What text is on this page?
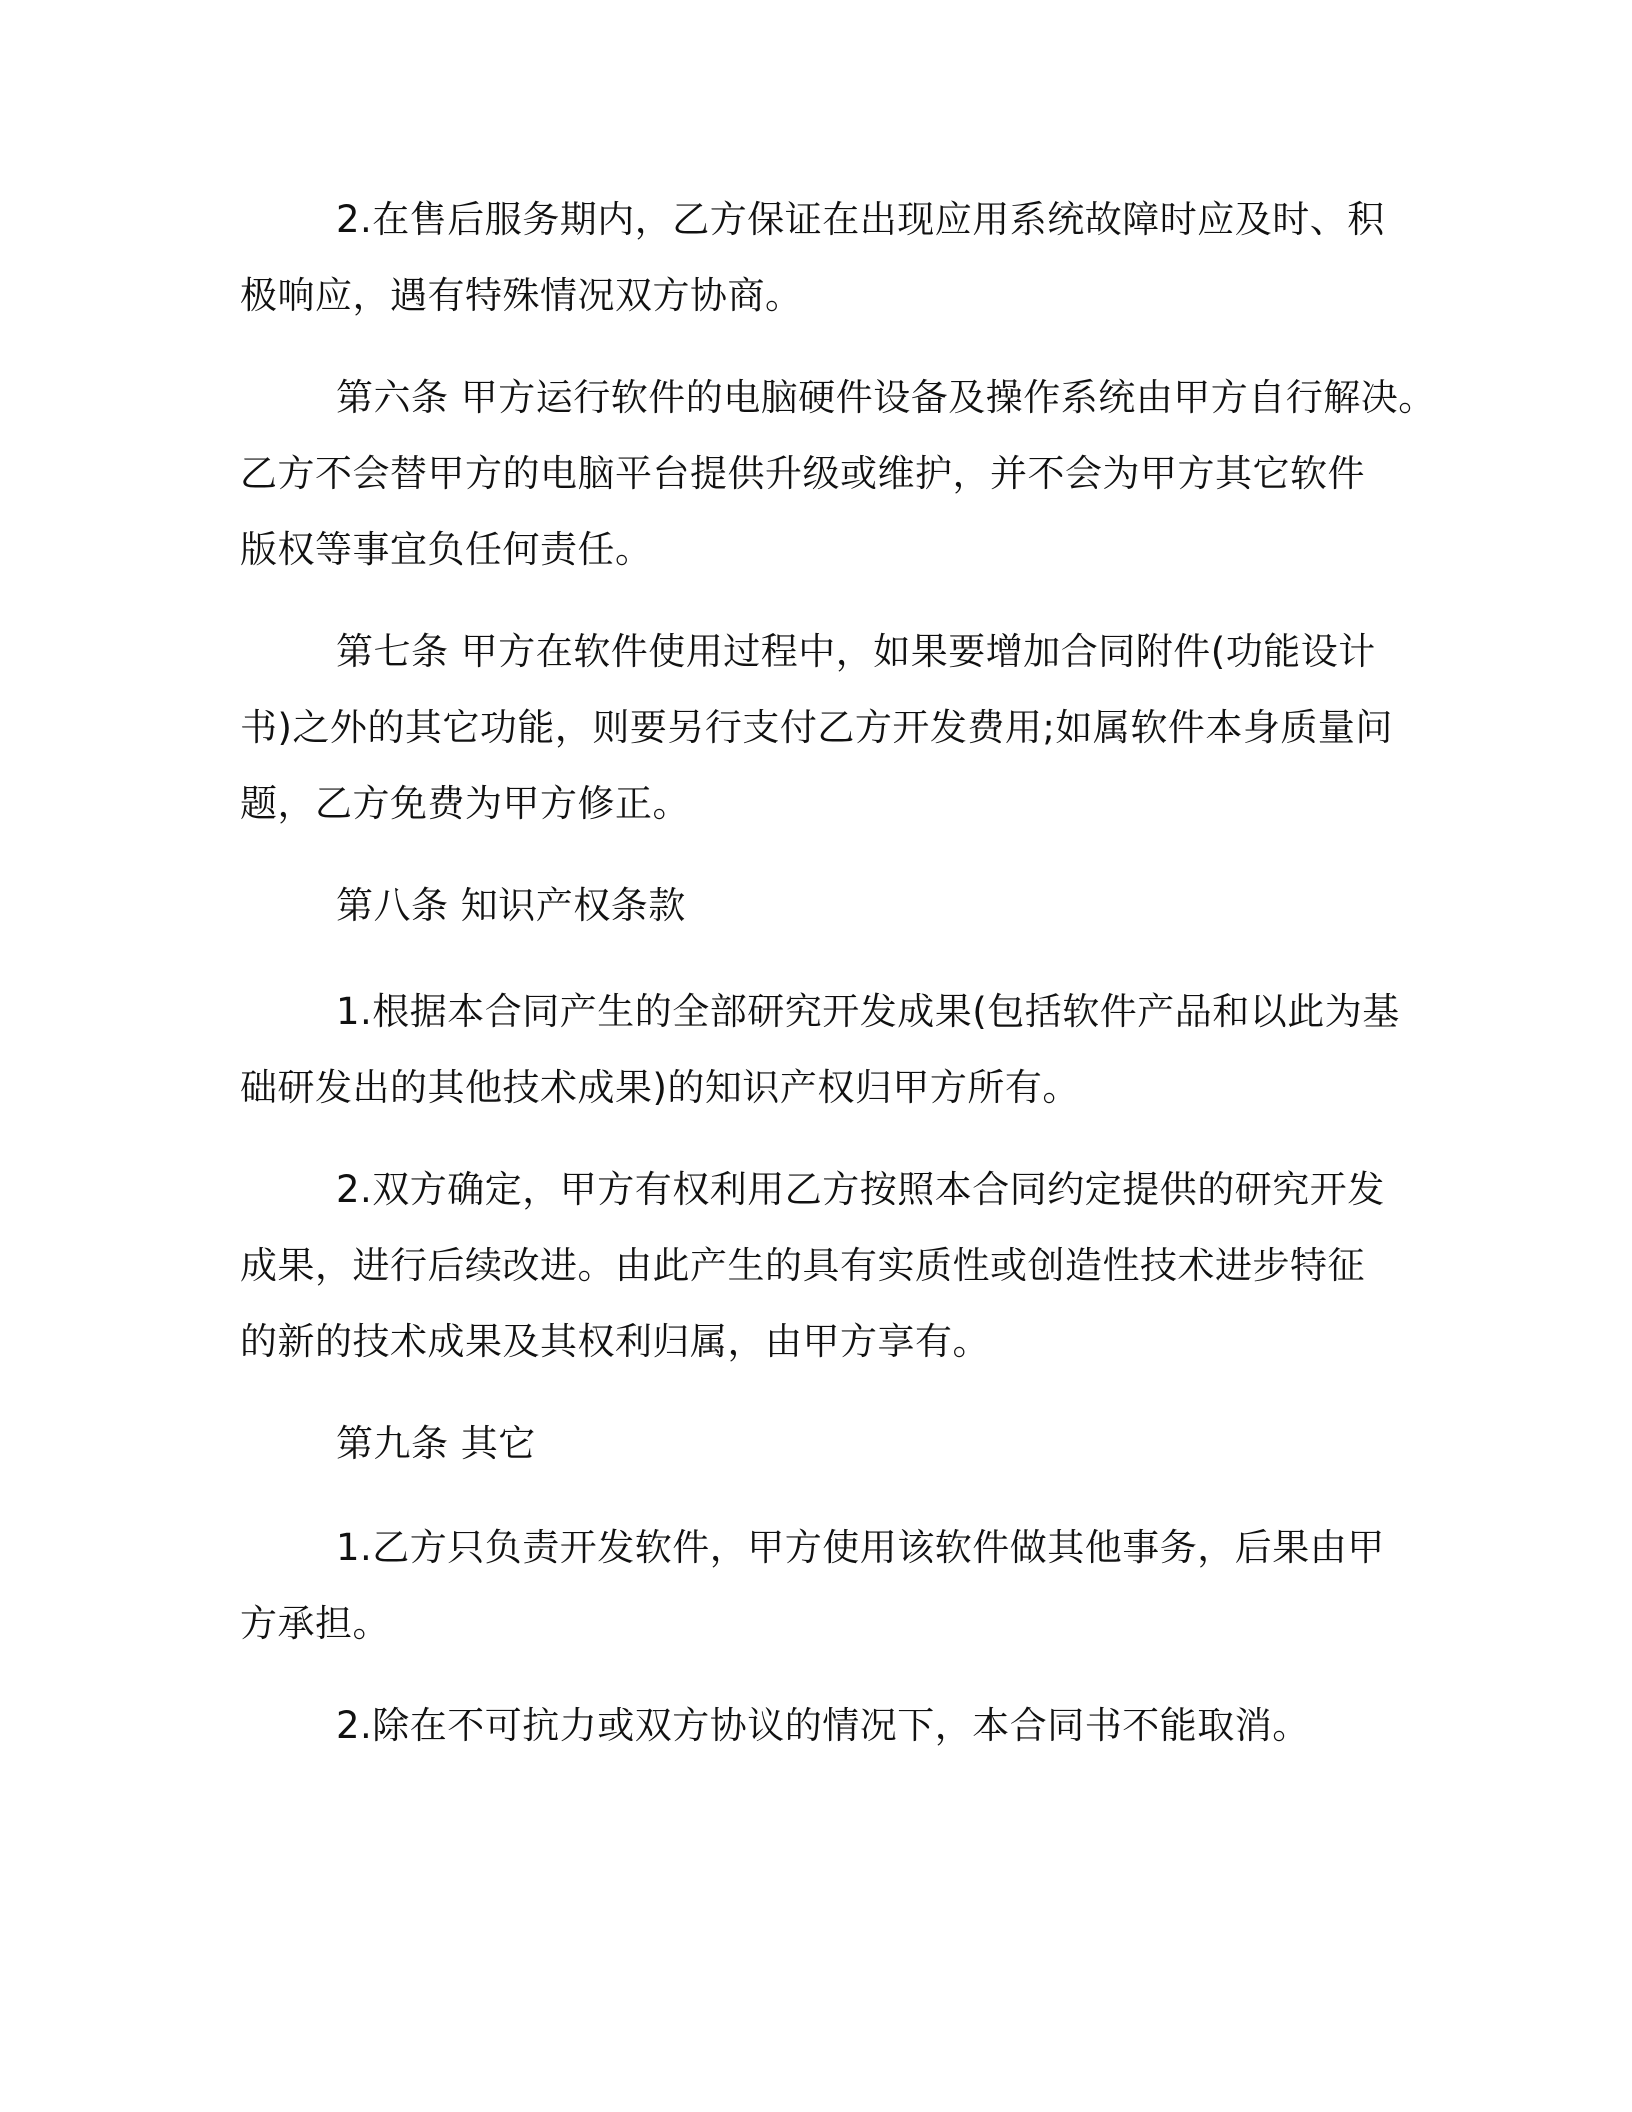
2.在售后服务期内，乙方保证在出现应用系统故障时应及时、积
极响应，遇有特殊情况双方协商。
第六条 甲方运行软件的电脑硬件设备及操作系统由甲方自行解决。
乙方不会替甲方的电脑平台提供升级或维护，并不会为甲方其它软件
版权等事宜负任何责任。
第七条 甲方在软件使用过程中，如果要增加合同附件(功能设计
书)之外的其它功能，则要另行支付乙方开发费用;如属软件本身质量问
题，乙方免费为甲方修正。
第八条 知识产权条款
1.根据本合同产生的全部研究开发成果(包括软件产品和以此为基
础研发出的其他技术成果)的知识产权归甲方所有。
2.双方确定，甲方有权利用乙方按照本合同约定提供的研究开发
成果，进行后续改进。由此产生的具有实质性或创造性技术进步特征
的新的技术成果及其权利归属，由甲方享有。
第九条 其它
1.乙方只负责开发软件，甲方使用该软件做其他事务，后果由甲
方承担。
2.除在不可抗力或双方协议的情况下，本合同书不能取消。
